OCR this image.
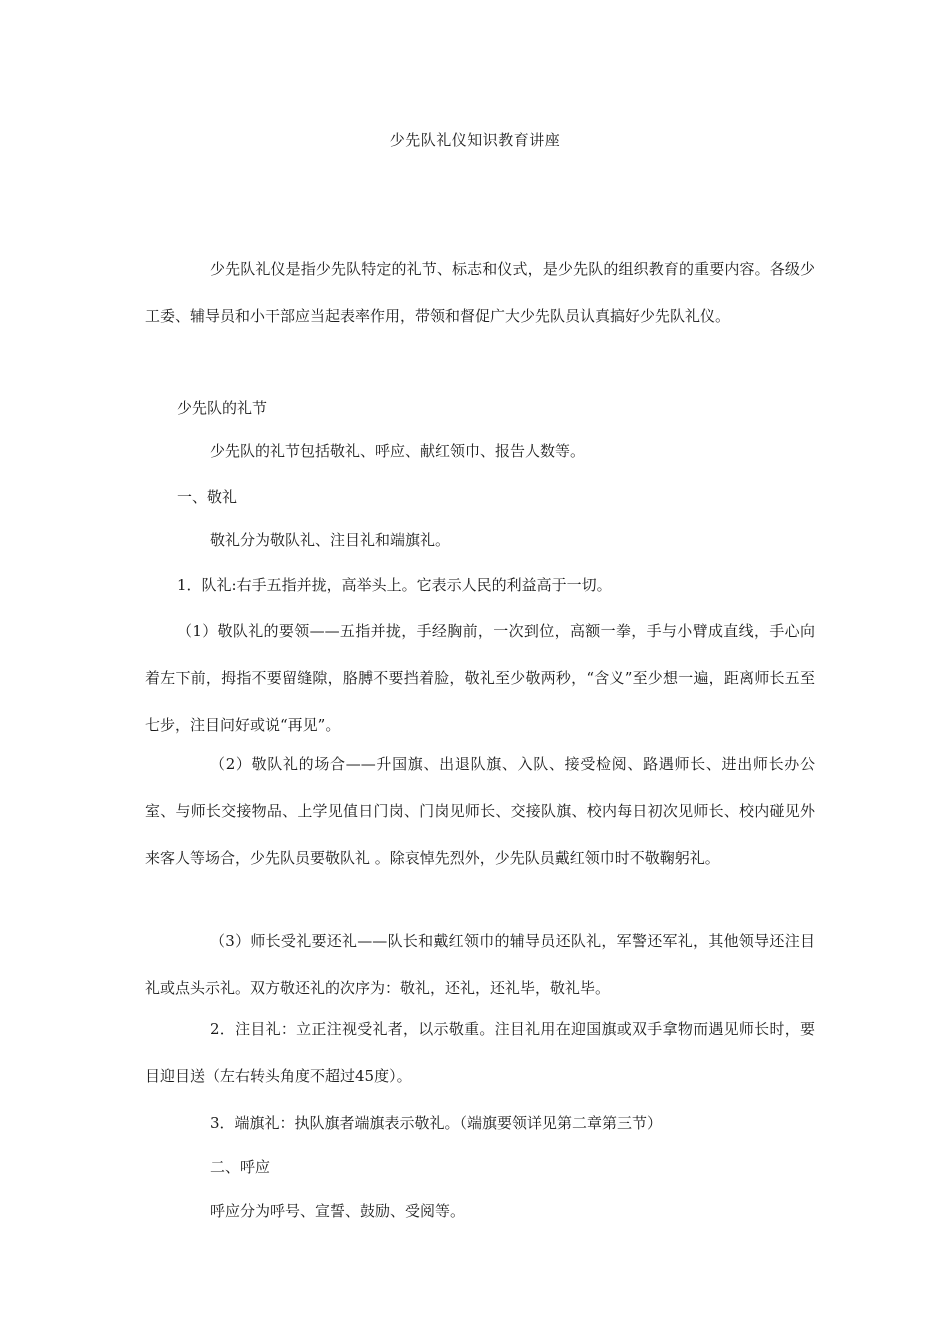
少先队礼仪知识教育讲座
少先队礼仪是指少先队特定的礼节、标志和仪式，是少先队的组织教育的重要内容。各级少工委、辅导员和小干部应当起表率作用，带领和督促广大少先队员认真搞好少先队礼仪。
少先队的礼节
少先队的礼节包括敬礼、呼应、献红领巾、报告人数等。
一、敬礼
敬礼分为敬队礼、注目礼和端旗礼。
1．队礼:右手五指并拢，高举头上。它表示人民的利益高于一切。
（1）敬队礼的要领——五指并拢，手经胸前，一次到位，高额一拳，手与小臂成直线，手心向着左下前，拇指不要留缝隙，胳膊不要挡着脸，敬礼至少敬两秒，“含义”至少想一遍，距离师长五至七步，注目问好或说“再见”。
（2）敬队礼的场合——升国旗、出退队旗、入队、接受检阅、路遇师长、进出师长办公室、与师长交接物品、上学见值日门岗、门岗见师长、交接队旗、校内每日初次见师长、校内碰见外来客人等场合，少先队员要敬队礼 。除哀悼先烈外，少先队员戴红领巾时不敬鞠躬礼。
（3）师长受礼要还礼——队长和戴红领巾的辅导员还队礼，军警还军礼，其他领导还注目礼或点头示礼。双方敬还礼的次序为：敬礼，还礼，还礼毕，敬礼毕。
2．注目礼：立正注视受礼者，以示敬重。注目礼用在迎国旗或双手拿物而遇见师长时，要目迎目送（左右转头角度不超过45度）。
3．端旗礼：执队旗者端旗表示敬礼。（端旗要领详见第二章第三节）
二、呼应
呼应分为呼号、宣誓、鼓励、受阅等。
